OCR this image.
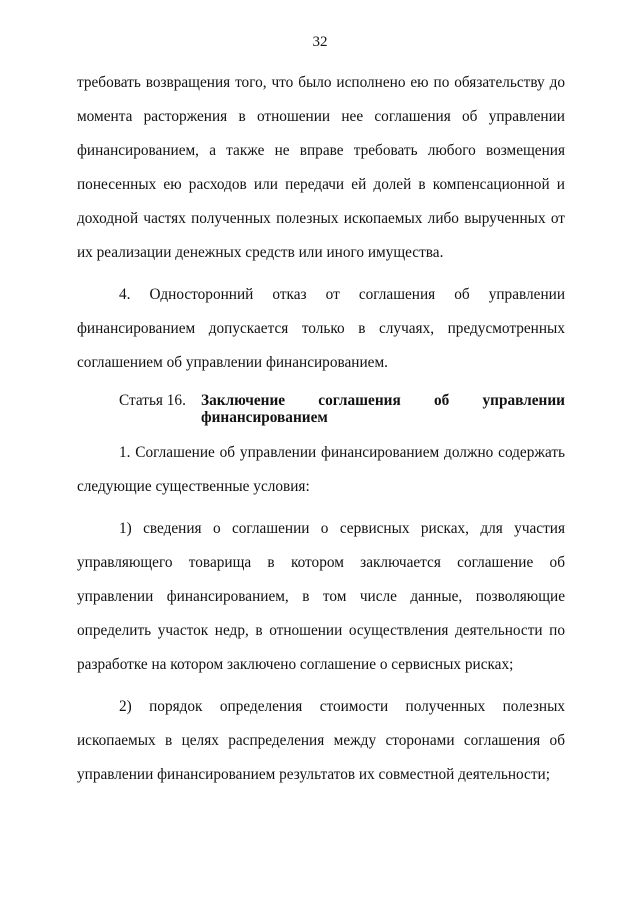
32

требовать возвращения того, что было исполнено ею по обязательству до момента расторжения в отношении нее соглашения об управлении финансированием, а также не вправе требовать любого возмещения понесенных ею расходов или передачи ей долей в компенсационной и доходной частях полученных полезных ископаемых либо вырученных от их реализации денежных средств или иного имущества.

4. Односторонний отказ от соглашения об управлении финансированием допускается только в случаях, предусмотренных соглашением об управлении финансированием.

Статья 16. Заключение соглашения об управлении
финансированием

1. Соглашение об управлении финансированием должно содержать следующие существенные условия:

1) сведения о соглашении о сервисных рисках, для участия управляющего товарища в котором заключается соглашение об управлении финансированием, в том числе данные, позволяющие определить участок недр, в отношении осуществления деятельности по разработке на котором заключено соглашение о сервисных рисках;

2) порядок определения стоимости полученных полезных ископаемых в целях распределения между сторонами соглашения об управлении финансированием результатов их совместной деятельности;
